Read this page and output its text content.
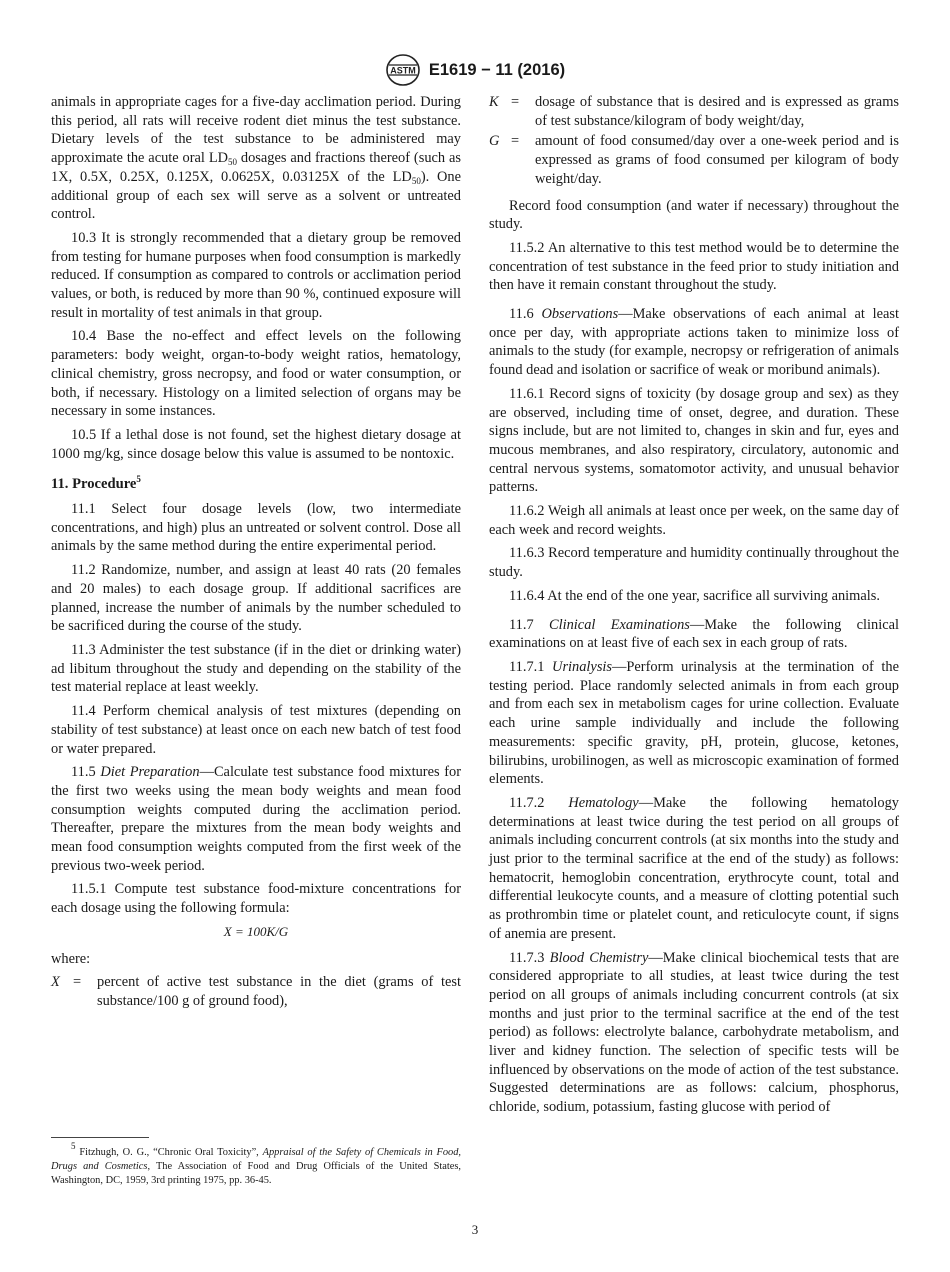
ASTM E1619 − 11 (2016)

animals in appropriate cages for a five-day acclimation period. During this period, all rats will receive rodent diet minus the test substance. Dietary levels of the test substance to be administered may approximate the acute oral $LD_{50}$ dosages and fractions thereof (such as 1X, 0.5X, 0.25X, 0.125X, 0.0625X, 0.03125X of the $LD_{50}$). One additional group of each sex will serve as a solvent or untreated control.

10.3 It is strongly recommended that a dietary group be removed from testing for humane purposes when food consumption is markedly reduced. If consumption as compared to controls or acclimation period values, or both, is reduced by more than 90 %, continued exposure will result in mortality of test animals in that group.

10.4 Base the no-effect and effect levels on the following parameters: body weight, organ-to-body weight ratios, hematology, clinical chemistry, gross necropsy, and food or water consumption, or both, if necessary. Histology on a limited selection of organs may be necessary in some instances.

10.5 If a lethal dose is not found, set the highest dietary dosage at 1000 mg/kg, since dosage below this value is assumed to be nontoxic.

11. Procedure$^5$

11.1 Select four dosage levels (low, two intermediate concentrations, and high) plus an untreated or solvent control. Dose all animals by the same method during the entire experimental period.

11.2 Randomize, number, and assign at least 40 rats (20 females and 20 males) to each dosage group. If additional sacrifices are planned, increase the number of animals by the number scheduled to be sacrificed during the course of the study.

11.3 Administer the test substance (if in the diet or drinking water) ad libitum throughout the study and depending on the stability of the test material replace at least weekly.

11.4 Perform chemical analysis of test mixtures (depending on stability of test substance) at least once on each new batch of test food or water prepared.

11.5 Diet Preparation—Calculate test substance food mixtures for the first two weeks using the mean body weights and mean food consumption weights computed during the acclimation period. Thereafter, prepare the mixtures from the mean body weights and mean food consumption weights computed from the first week of the previous two-week period.

11.5.1 Compute test substance food-mixture concentrations for each dosage using the following formula:

X = 100K/G

where:

X =	percent of active test substance in the diet (grams of test substance/100 g of ground food),
$^5$ Fitzhugh, O. G., “Chronic Oral Toxicity”, Appraisal of the Safety of Chemicals in Food, Drugs and Cosmetics, The Association of Food and Drug Officials of the United States, Washington, DC, 1959, 3rd printing 1975, pp. 36-45.
K =	dosage of substance that is desired and is expressed as grams of test substance/kilogram of body weight/day,
G =	amount of food consumed/day over a one-week period and is expressed as grams of food consumed per kilogram of body weight/day.

Record food consumption (and water if necessary) throughout the study.

11.5.2 An alternative to this test method would be to determine the concentration of test substance in the feed prior to study initiation and then have it remain constant throughout the study.

11.6 Observations—Make observations of each animal at least once per day, with appropriate actions taken to minimize loss of animals to the study (for example, necropsy or refrigeration of animals found dead and isolation or sacrifice of weak or moribund animals).

11.6.1 Record signs of toxicity (by dosage group and sex) as they are observed, including time of onset, degree, and duration. These signs include, but are not limited to, changes in skin and fur, eyes and mucous membranes, and also respiratory, circulatory, autonomic and central nervous systems, somatomotor activity, and unusual behavior patterns.

11.6.2 Weigh all animals at least once per week, on the same day of each week and record weights.

11.6.3 Record temperature and humidity continually throughout the study.

11.6.4 At the end of the one year, sacrifice all surviving animals.

11.7 Clinical Examinations—Make the following clinical examinations on at least five of each sex in each group of rats.

11.7.1 Urinalysis—Perform urinalysis at the termination of the testing period. Place randomly selected animals in from each group and from each sex in metabolism cages for urine collection. Evaluate each urine sample individually and include the following measurements: specific gravity, pH, protein, glucose, ketones, bilirubins, urobilinogen, as well as microscopic examination of formed elements.

11.7.2 Hematology—Make the following hematology determinations at least twice during the test period on all groups of animals including concurrent controls (at six months into the study and just prior to the terminal sacrifice at the end of the study) as follows: hematocrit, hemoglobin concentration, erythrocyte count, total and differential leukocyte counts, and a measure of clotting potential such as prothrombin time or platelet count, and reticulocyte count, if signs of anemia are present.

11.7.3 Blood Chemistry—Make clinical biochemical tests that are considered appropriate to all studies, at least twice during the test period on all groups of animals including concurrent controls (at six months and just prior to the terminal sacrifice at the end of the test period) as follows: electrolyte balance, carbohydrate metabolism, and liver and kidney function. The selection of specific tests will be influenced by observations on the mode of action of the test substance. Suggested determinations are as follows: calcium, phosphorus, chloride, sodium, potassium, fasting glucose with period of

3
